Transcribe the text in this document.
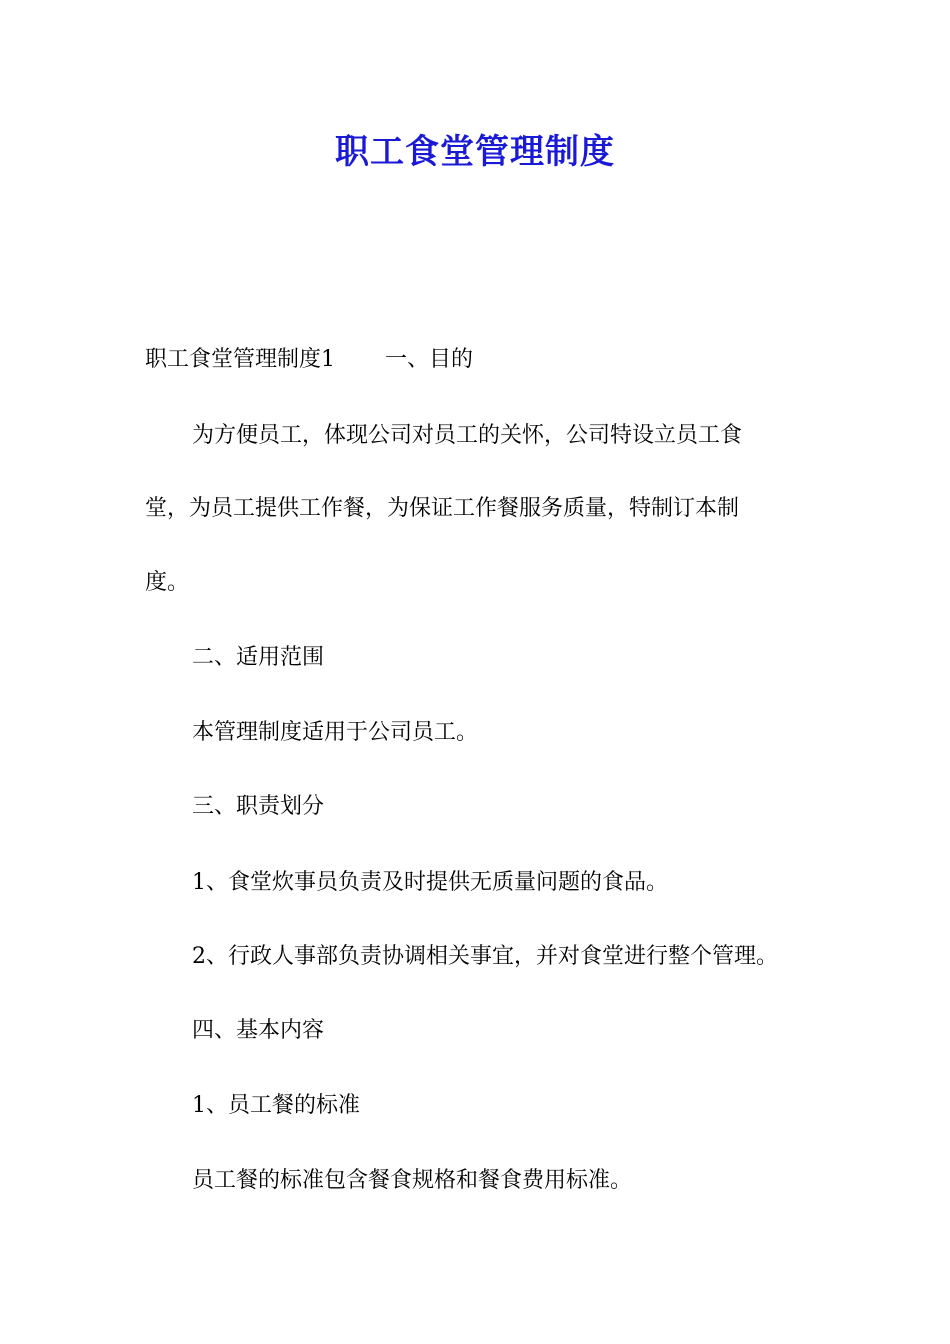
职工食堂管理制度
职工食堂管理制度1 一、目的
为方便员工，体现公司对员工的关怀，公司特设立员工食
堂，为员工提供工作餐，为保证工作餐服务质量，特制订本制
度。
二、适用范围
本管理制度适用于公司员工。
三、职责划分
1、食堂炊事员负责及时提供无质量问题的食品。
2、行政人事部负责协调相关事宜，并对食堂进行整个管理。
四、基本内容
1、员工餐的标准
员工餐的标准包含餐食规格和餐食费用标准。
